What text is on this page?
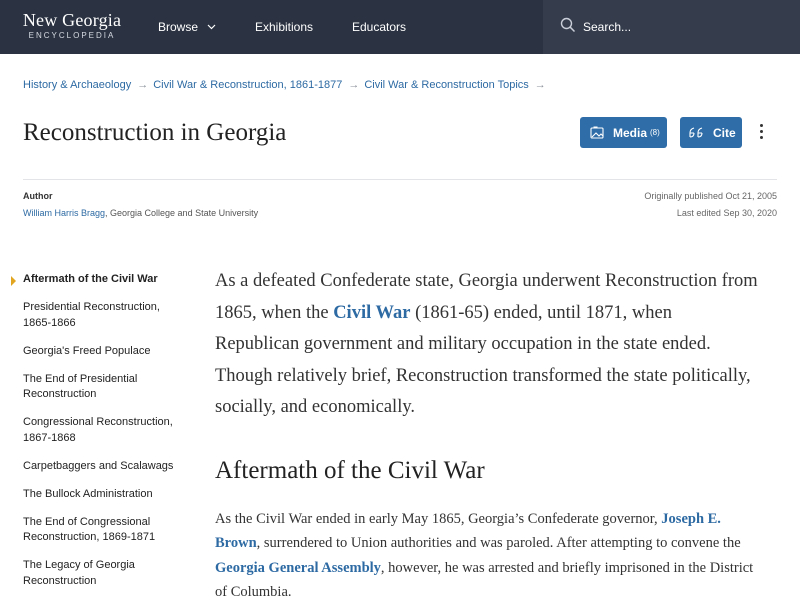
New Georgia
ENCYCLOPEDIA
Browse	Exhibitions	Educators
Search...
History & Archaeology → Civil War & Reconstruction, 1861-1877 → Civil War & Reconstruction Topics →
Reconstruction in Georgia	Media (8)	Cite
Author
William Harris Bragg, Georgia College and State University
Originally published Oct 21, 2005
Last edited Sep 30, 2020
Aftermath of the Civil War
Presidential Reconstruction, 1865-1866
Georgia's Freed Populace
The End of Presidential Reconstruction
Congressional Reconstruction, 1867-1868
Carpetbaggers and Scalawags
The Bullock Administration
The End of Congressional Reconstruction, 1869-1871
The Legacy of Georgia Reconstruction

As a defeated Confederate state, Georgia underwent Reconstruction from 1865, when the Civil War (1861-65) ended, until 1871, when Republican government and military occupation in the state ended. Though relatively brief, Reconstruction transformed the state politically, socially, and economically.

Aftermath of the Civil War

As the Civil War ended in early May 1865, Georgia’s Confederate governor, Joseph E. Brown, surrendered to Union authorities and was paroled. After attempting to convene the Georgia General Assembly, however, he was arrested and briefly imprisoned in the District of Columbia.
